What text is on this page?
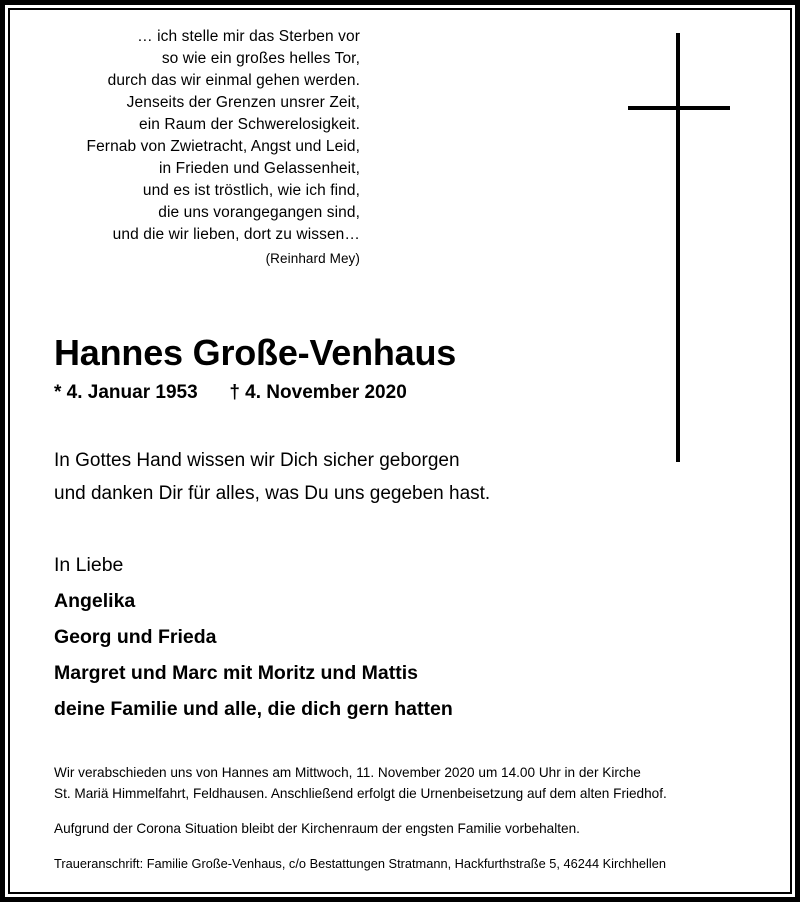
… ich stelle mir das Sterben vor
so wie ein großes helles Tor,
durch das wir einmal gehen werden.
Jenseits der Grenzen unsrer Zeit,
ein Raum der Schwerelosigkeit.
Fernab von Zwietracht, Angst und Leid,
in Frieden und Gelassenheit,
und es ist tröstlich, wie ich find,
die uns vorangegangen sind,
und die wir lieben, dort zu wissen…
(Reinhard Mey)
Hannes Große-Venhaus
* 4. Januar 1953      † 4. November 2020
In Gottes Hand wissen wir Dich sicher geborgen
und danken Dir für alles, was Du uns gegeben hast.
In Liebe
Angelika
Georg und Frieda
Margret und Marc mit Moritz und Mattis
deine Familie und alle, die dich gern hatten

Wir verabschieden uns von Hannes am Mittwoch, 11. November 2020 um 14.00 Uhr in der Kirche
St. Mariä Himmelfahrt, Feldhausen. Anschließend erfolgt die Urnenbeisetzung auf dem alten Friedhof.

Aufgrund der Corona Situation bleibt der Kirchenraum der engsten Familie vorbehalten.

Traueranschrift: Familie Große-Venhaus, c/o Bestattungen Stratmann, Hackfurthstraße 5, 46244 Kirchhellen
